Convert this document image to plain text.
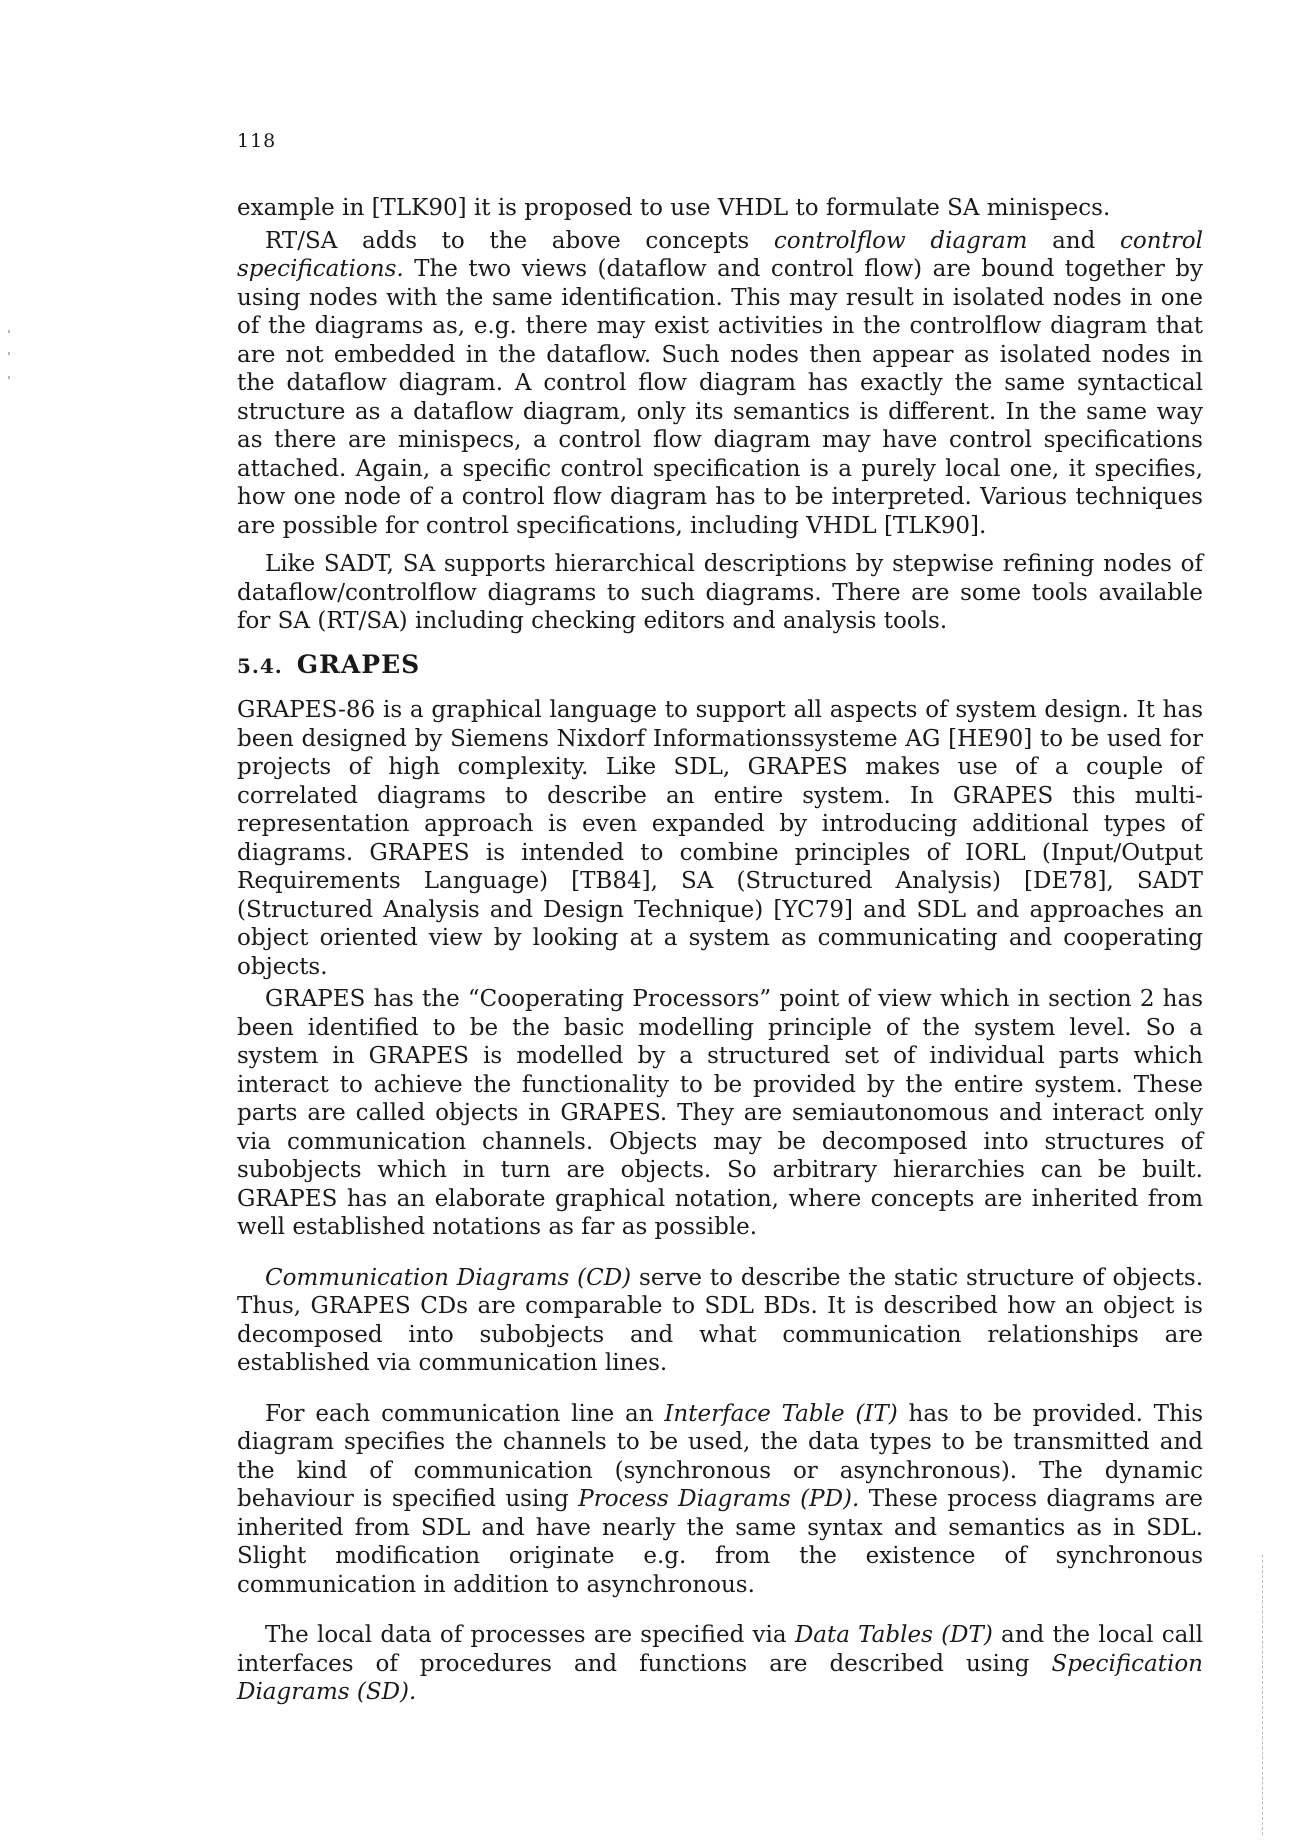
118

example in [TLK90] it is proposed to use VHDL to formulate SA minispecs.

RT/SA adds to the above concepts controlflow diagram and control specifications. The two views (dataflow and control flow) are bound together by using nodes with the same identification. This may result in isolated nodes in one of the diagrams as, e.g. there may exist activities in the controlflow diagram that are not embedded in the dataflow. Such nodes then appear as isolated nodes in the dataflow diagram. A control flow diagram has exactly the same syntactical structure as a dataflow diagram, only its semantics is different. In the same way as there are minispecs, a control flow diagram may have control specifications attached. Again, a specific control specification is a purely local one, it specifies, how one node of a control flow diagram has to be interpreted. Various techniques are possible for control specifications, including VHDL [TLK90].

Like SADT, SA supports hierarchical descriptions by stepwise refining nodes of dataflow/controlflow diagrams to such diagrams. There are some tools available for SA (RT/SA) including checking editors and analysis tools.

5.4. GRAPES

GRAPES-86 is a graphical language to support all aspects of system design. It has been designed by Siemens Nixdorf Informationssysteme AG [HE90] to be used for projects of high complexity. Like SDL, GRAPES makes use of a couple of correlated diagrams to describe an entire system. In GRAPES this multi-representation approach is even expanded by introducing additional types of diagrams. GRAPES is intended to combine principles of IORL (Input/Output Requirements Language) [TB84], SA (Structured Analysis) [DE78], SADT (Structured Analysis and Design Technique) [YC79] and SDL and approaches an object oriented view by looking at a system as communicating and cooperating objects.

GRAPES has the “Cooperating Processors” point of view which in section 2 has been identified to be the basic modelling principle of the system level. So a system in GRAPES is modelled by a structured set of individual parts which interact to achieve the functionality to be provided by the entire system. These parts are called objects in GRAPES. They are semiautonomous and interact only via communication channels. Objects may be decomposed into structures of subobjects which in turn are objects. So arbitrary hierarchies can be built. GRAPES has an elaborate graphical notation, where concepts are inherited from well established notations as far as possible.

Communication Diagrams (CD) serve to describe the static structure of objects. Thus, GRAPES CDs are comparable to SDL BDs. It is described how an object is decomposed into subobjects and what communication relationships are established via communication lines.

For each communication line an Interface Table (IT) has to be provided. This diagram specifies the channels to be used, the data types to be transmitted and the kind of communication (synchronous or asynchronous). The dynamic behaviour is specified using Process Diagrams (PD). These process diagrams are inherited from SDL and have nearly the same syntax and semantics as in SDL. Slight modification originate e.g. from the existence of synchronous communication in addition to asynchronous.

The local data of processes are specified via Data Tables (DT) and the local call interfaces of procedures and functions are described using Specification Diagrams (SD).
